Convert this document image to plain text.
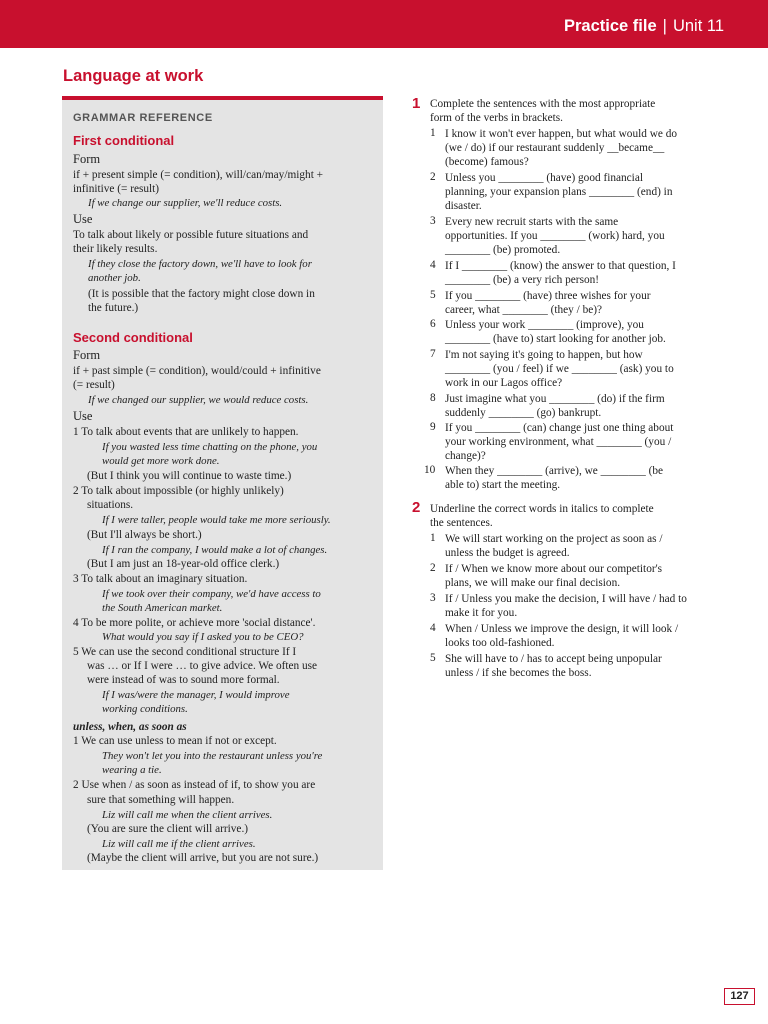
Practice file | Unit 11
Language at work
GRAMMAR REFERENCE
First conditional
Second conditional
Form
if + present simple (= condition), will/can/may/might +
infinitive (= result)
If we change our supplier, we'll reduce costs.
Use
To talk about likely or possible future situations and
their likely results.
If they close the factory down, we'll have to look for
another job.
(It is possible that the factory might close down in
the future.)
Form
if + past simple (= condition), would/could + infinitive
(= result)
If we changed our supplier, we would reduce costs.
Use
1 To talk about events that are unlikely to happen.
If you wasted less time chatting on the phone, you
would get more work done.
(But I think you will continue to waste time.)
2 To talk about impossible (or highly unlikely)
situations.
If I were taller, people would take me more seriously.
(But I'll always be short.)
If I ran the company, I would make a lot of changes.
(But I am just an 18-year-old office clerk.)
3 To talk about an imaginary situation.
If we took over their company, we'd have access to
the South American market.
4 To be more polite, or achieve more 'social distance'.
What would you say if I asked you to be CEO?
5 We can use the second conditional structure If I
was … or If I were … to give advice. We often use
were instead of was to sound more formal.
If I was/were the manager, I would improve
working conditions.
unless, when, as soon as
1 We can use unless to mean if not or except.
They won't let you into the restaurant unless you're
wearing a tie.
2 Use when / as soon as instead of if, to show you are
sure that something will happen.
Liz will call me when the client arrives.
(You are sure the client will arrive.)
Liz will call me if the client arrives.
(Maybe the client will arrive, but you are not sure.)
1 Complete the sentences with the most appropriate
form of the verbs in brackets.
1 I know it won't ever happen, but what would we do
(we / do) if our restaurant suddenly __became__
(become) famous?
2 Unless you ________ (have) good financial
planning, your expansion plans ________ (end) in
disaster.
3 Every new recruit starts with the same
opportunities. If you ________ (work) hard, you
________ (be) promoted.
4 If I ________ (know) the answer to that question, I
________ (be) a very rich person!
5 If you ________ (have) three wishes for your
career, what ________ (they / be)?
6 Unless your work ________ (improve), you
________ (have to) start looking for another job.
7 I'm not saying it's going to happen, but how
________ (you / feel) if we ________ (ask) you to
work in our Lagos office?
8 Just imagine what you ________ (do) if the firm
suddenly ________ (go) bankrupt.
9 If you ________ (can) change just one thing about
your working environment, what ________ (you /
change)?
10 When they ________ (arrive), we ________ (be
able to) start the meeting.
2 Underline the correct words in italics to complete
the sentences.
1 We will start working on the project as soon as /
unless the budget is agreed.
2 If / When we know more about our competitor's
plans, we will make our final decision.
3 If / Unless you make the decision, I will have / had to
make it for you.
4 When / Unless we improve the design, it will look /
looks too old-fashioned.
5 She will have to / has to accept being unpopular
unless / if she becomes the boss.
127
